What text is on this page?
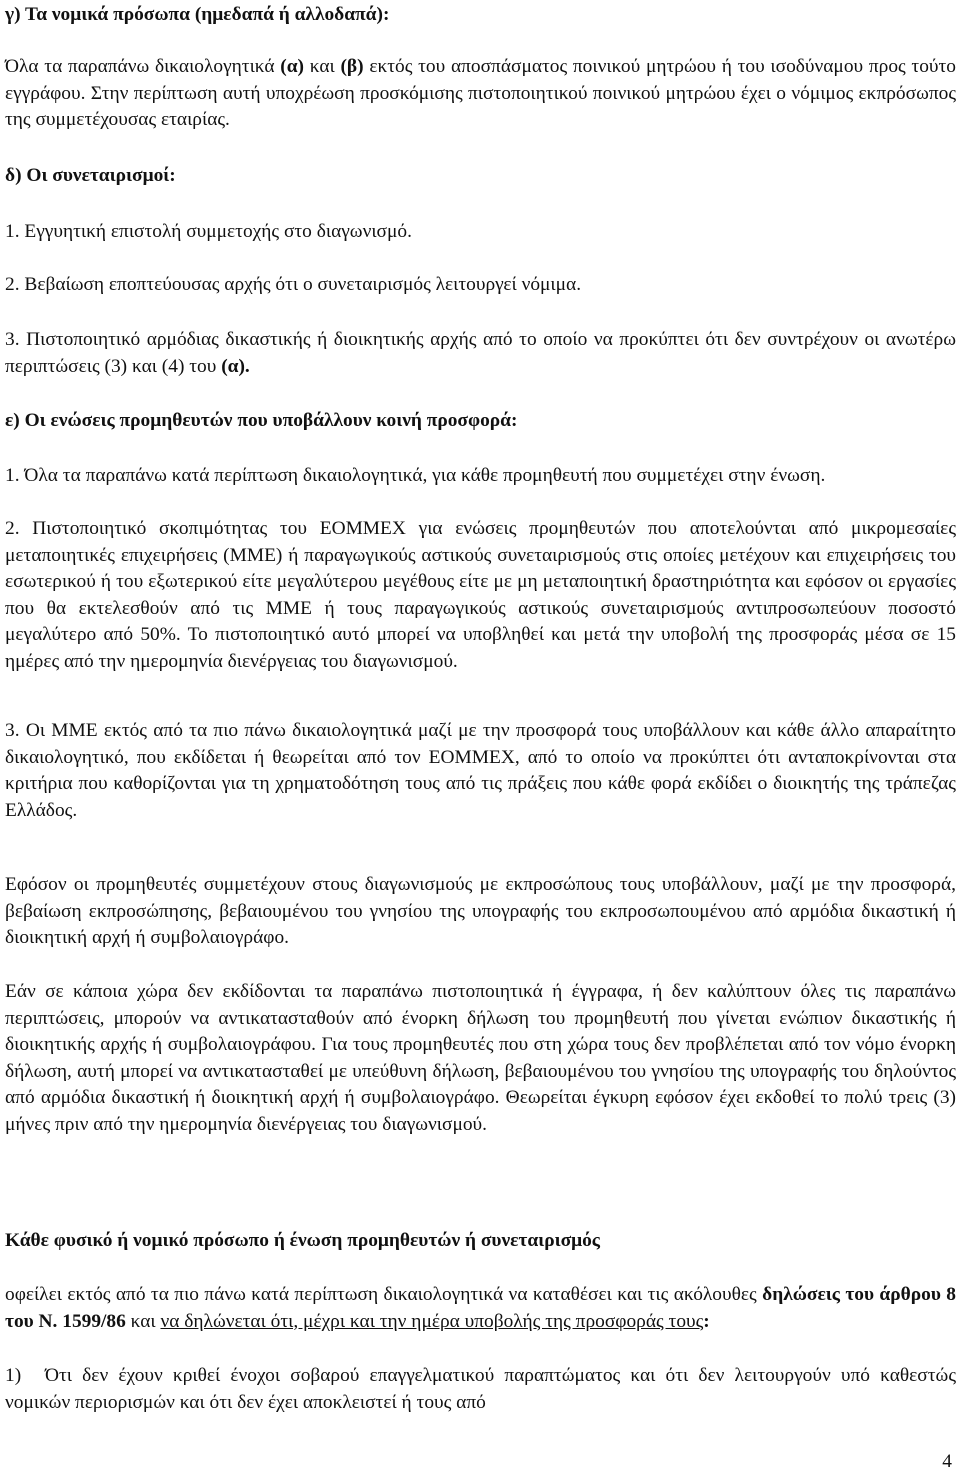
γ) Τα νομικά πρόσωπα (ημεδαπά ή αλλοδαπά):
Όλα τα παραπάνω δικαιολογητικά (α) και (β) εκτός του αποσπάσματος ποινικού μητρώου ή του ισοδύναμου προς τούτο εγγράφου. Στην περίπτωση αυτή υποχρέωση προσκόμισης πιστοποιητικού ποινικού μητρώου έχει ο νόμιμος εκπρόσωπος της συμμετέχουσας εταιρίας.
δ) Οι συνεταιρισμοί:
1. Εγγυητική επιστολή συμμετοχής στο διαγωνισμό.
2. Βεβαίωση εποπτεύουσας αρχής ότι ο συνεταιρισμός λειτουργεί νόμιμα.
3. Πιστοποιητικό αρμόδιας δικαστικής ή διοικητικής αρχής από το οποίο να προκύπτει ότι δεν συντρέχουν οι ανωτέρω περιπτώσεις (3) και (4) του (α).
ε) Οι ενώσεις προμηθευτών που υποβάλλουν κοινή προσφορά:
1. Όλα τα παραπάνω κατά περίπτωση δικαιολογητικά, για κάθε προμηθευτή που συμμετέχει στην ένωση.
2. Πιστοποιητικό σκοπιμότητας του ΕΟΜΜΕΧ για ενώσεις προμηθευτών που αποτελούνται από μικρομεσαίες μεταποιητικές επιχειρήσεις (ΜΜΕ) ή παραγωγικούς αστικούς συνεταιρισμούς στις οποίες μετέχουν και επιχειρήσεις του εσωτερικού ή του εξωτερικού είτε μεγαλύτερου μεγέθους είτε με μη μεταποιητική δραστηριότητα και εφόσον οι εργασίες που θα εκτελεσθούν από τις ΜΜΕ ή τους παραγωγικούς αστικούς συνεταιρισμούς αντιπροσωπεύουν ποσοστό μεγαλύτερο από 50%. Το πιστοποιητικό αυτό μπορεί να υποβληθεί και μετά την υποβολή της προσφοράς μέσα σε 15 ημέρες από την ημερομηνία διενέργειας του διαγωνισμού.
3. Οι ΜΜΕ εκτός από τα πιο πάνω δικαιολογητικά μαζί με την προσφορά τους υποβάλλουν και κάθε άλλο απαραίτητο δικαιολογητικό, που εκδίδεται ή θεωρείται από τον ΕΟΜΜΕΧ, από το οποίο να προκύπτει ότι ανταποκρίνονται στα κριτήρια που καθορίζονται για τη χρηματοδότηση τους από τις πράξεις που κάθε φορά εκδίδει ο διοικητής της τράπεζας Ελλάδος.
Εφόσον οι προμηθευτές συμμετέχουν στους διαγωνισμούς με εκπροσώπους τους υποβάλλουν, μαζί με την προσφορά, βεβαίωση εκπροσώπησης, βεβαιουμένου του γνησίου της υπογραφής του εκπροσωπουμένου από αρμόδια δικαστική ή διοικητική αρχή ή συμβολαιογράφο.
Εάν σε κάποια χώρα δεν εκδίδονται τα παραπάνω πιστοποιητικά ή έγγραφα, ή δεν καλύπτουν όλες τις παραπάνω περιπτώσεις, μπορούν να αντικατασταθούν από ένορκη δήλωση του προμηθευτή που γίνεται ενώπιον δικαστικής ή διοικητικής αρχής ή συμβολαιογράφου. Για τους προμηθευτές που στη χώρα τους δεν προβλέπεται από τον νόμο ένορκη δήλωση, αυτή μπορεί να αντικατασταθεί με υπεύθυνη δήλωση, βεβαιουμένου του γνησίου της υπογραφής του δηλούντος από αρμόδια δικαστική ή διοικητική αρχή ή συμβολαιογράφο. Θεωρείται έγκυρη εφόσον έχει εκδοθεί το πολύ τρεις (3) μήνες πριν από την ημερομηνία διενέργειας του διαγωνισμού.
Κάθε φυσικό ή νομικό πρόσωπο ή ένωση προμηθευτών ή συνεταιρισμός
οφείλει εκτός από τα πιο πάνω κατά περίπτωση δικαιολογητικά να καταθέσει και τις ακόλουθες δηλώσεις του άρθρου 8 του Ν. 1599/86 και να δηλώνεται ότι, μέχρι και την ημέρα υποβολής της προσφοράς τους:
1) Ότι δεν έχουν κριθεί ένοχοι σοβαρού επαγγελματικού παραπτώματος και ότι δεν λειτουργούν υπό καθεστώς νομικών περιορισμών και ότι δεν έχει αποκλειστεί ή τους από
4
